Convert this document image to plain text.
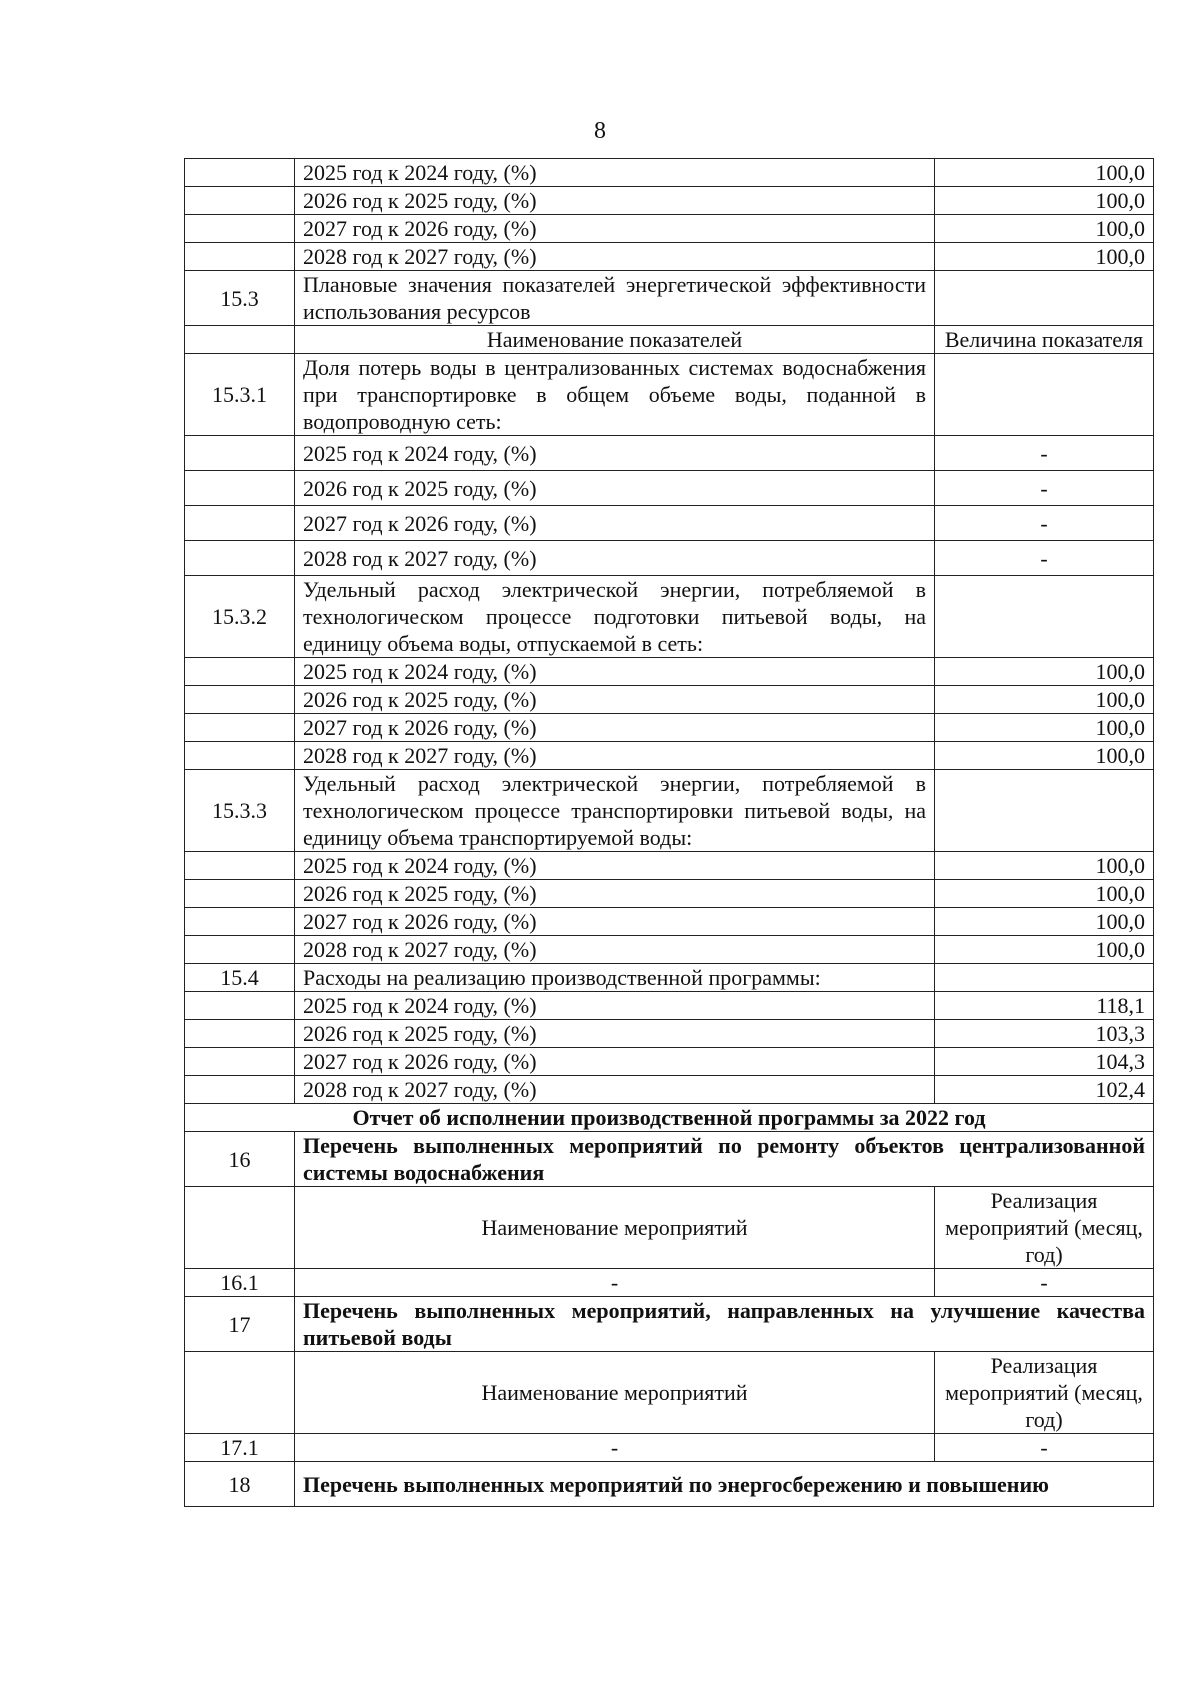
8
	2025 год к 2024 году, (%)	100,0
	2026 год к 2025 году, (%)	100,0
	2027 год к 2026 году, (%)	100,0
	2028 год к 2027 году, (%)	100,0
15.3	Плановые значения показателей энергетической эффективности использования ресурсов	
	Наименование показателей	Величина показателя
15.3.1	Доля потерь воды в централизованных системах водоснабжения при транспортировке в общем объеме воды, поданной в водопроводную сеть:	
	2025 год к 2024 году, (%)	-
	2026 год к 2025 году, (%)	-
	2027 год к 2026 году, (%)	-
	2028 год к 2027 году, (%)	-
15.3.2	Удельный расход электрической энергии, потребляемой в технологическом процессе подготовки питьевой воды, на единицу объема воды, отпускаемой в сеть:	
	2025 год к 2024 году, (%)	100,0
	2026 год к 2025 году, (%)	100,0
	2027 год к 2026 году, (%)	100,0
	2028 год к 2027 году, (%)	100,0
15.3.3	Удельный расход электрической энергии, потребляемой в технологическом процессе транспортировки питьевой воды, на единицу объема транспортируемой воды:	
	2025 год к 2024 году, (%)	100,0
	2026 год к 2025 году, (%)	100,0
	2027 год к 2026 году, (%)	100,0
	2028 год к 2027 году, (%)	100,0
15.4	Расходы на реализацию производственной программы:	
	2025 год к 2024 году, (%)	118,1
	2026 год к 2025 году, (%)	103,3
	2027 год к 2026 году, (%)	104,3
	2028 год к 2027 году, (%)	102,4
Отчет об исполнении производственной программы за 2022 год		
16	Перечень выполненных мероприятий по ремонту объектов централизованной системы водоснабжения	
	Наименование мероприятий	Реализация мероприятий (месяц, год)
16.1	-	-
17	Перечень выполненных мероприятий, направленных на улучшение качества питьевой воды	
	Наименование мероприятий	Реализация мероприятий (месяц, год)
17.1	-	-
18	Перечень выполненных мероприятий по энергосбережению и повышению	
